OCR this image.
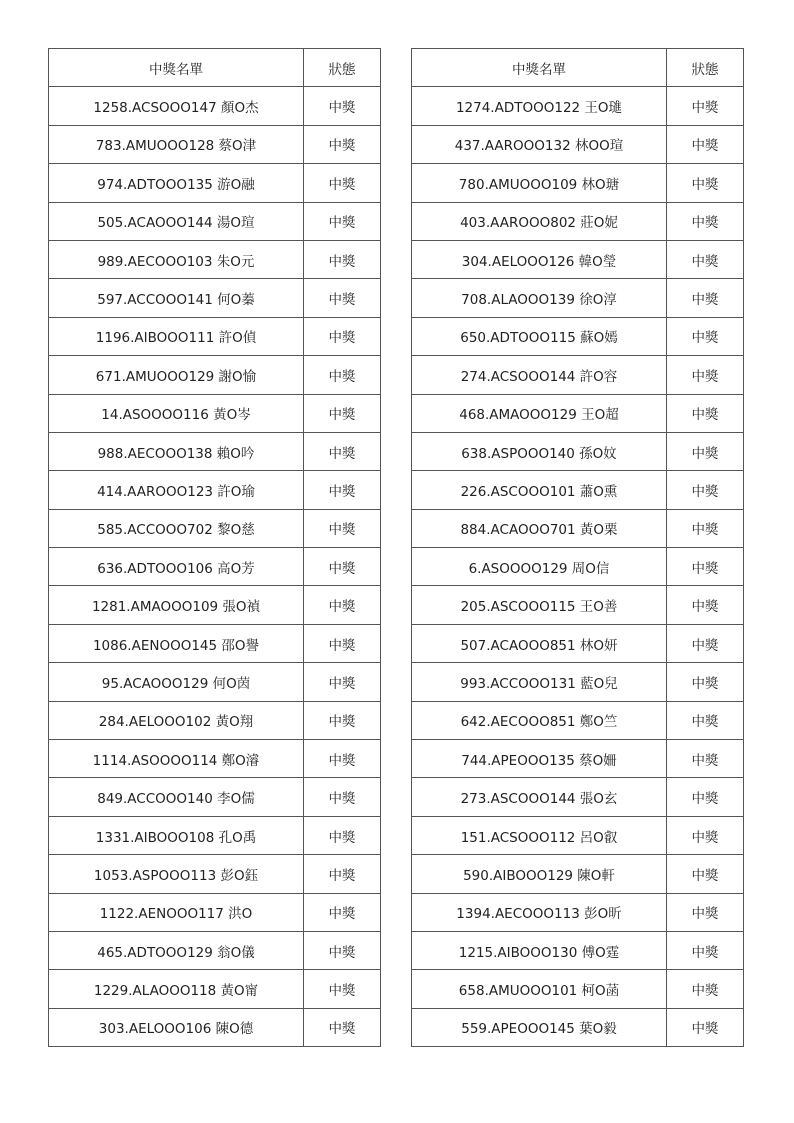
中獎名單	狀態
1258.ACSOOO147 顏O杰	中獎
783.AMUOOO128 蔡O津	中獎
974.ADTOOO135 游O融	中獎
505.ACAOOO144 湯O瑄	中獎
989.AECOOO103 朱O元	中獎
597.ACCOOO141 何O蓁	中獎
1196.AIBOOO111 許O偵	中獎
671.AMUOOO129 謝O愉	中獎
14.ASOOOO116 黃O岑	中獎
988.AECOOO138 賴O吟	中獎
414.AAROOO123 許O瑜	中獎
585.ACCOOO702 黎O慈	中獎
636.ADTOOO106 高O芳	中獎
1281.AMAOOO109 張O禎	中獎
1086.AENOOO145 邵O譽	中獎
95.ACAOOO129 何O茵	中獎
284.AELOOO102 黃O翔	中獎
1114.ASOOOO114 鄭O濬	中獎
849.ACCOOO140 李O儒	中獎
1331.AIBOOO108 孔O禹	中獎
1053.ASPOOO113 彭O鈺	中獎
1122.AENOOO117 洪O	中獎
465.ADTOOO129 翁O儀	中獎
1229.ALAOOO118 黃O甯	中獎
303.AELOOO106 陳O德	中獎
中獎名單	狀態
1274.ADTOOO122 王O璡	中獎
437.AAROOO132 林OO瑄	中獎
780.AMUOOO109 林O瑭	中獎
403.AAROOO802 莊O妮	中獎
304.AELOOO126 韓O瑩	中獎
708.ALAOOO139 徐O淳	中獎
650.ADTOOO115 蘇O嫣	中獎
274.ACSOOO144 許O容	中獎
468.AMAOOO129 王O超	中獎
638.ASPOOO140 孫O妏	中獎
226.ASCOOO101 蕭O熏	中獎
884.ACAOOO701 黃O栗	中獎
6.ASOOOO129 周O信	中獎
205.ASCOOO115 王O善	中獎
507.ACAOOO851 林O妍	中獎
993.ACCOOO131 藍O兒	中獎
642.AECOOO851 鄭O竺	中獎
744.APEOOO135 蔡O姍	中獎
273.ASCOOO144 張O玄	中獎
151.ACSOOO112 呂O叡	中獎
590.AIBOOO129 陳O軒	中獎
1394.AECOOO113 彭O昕	中獎
1215.AIBOOO130 傅O霆	中獎
658.AMUOOO101 柯O菡	中獎
559.APEOOO145 葉O毅	中獎
